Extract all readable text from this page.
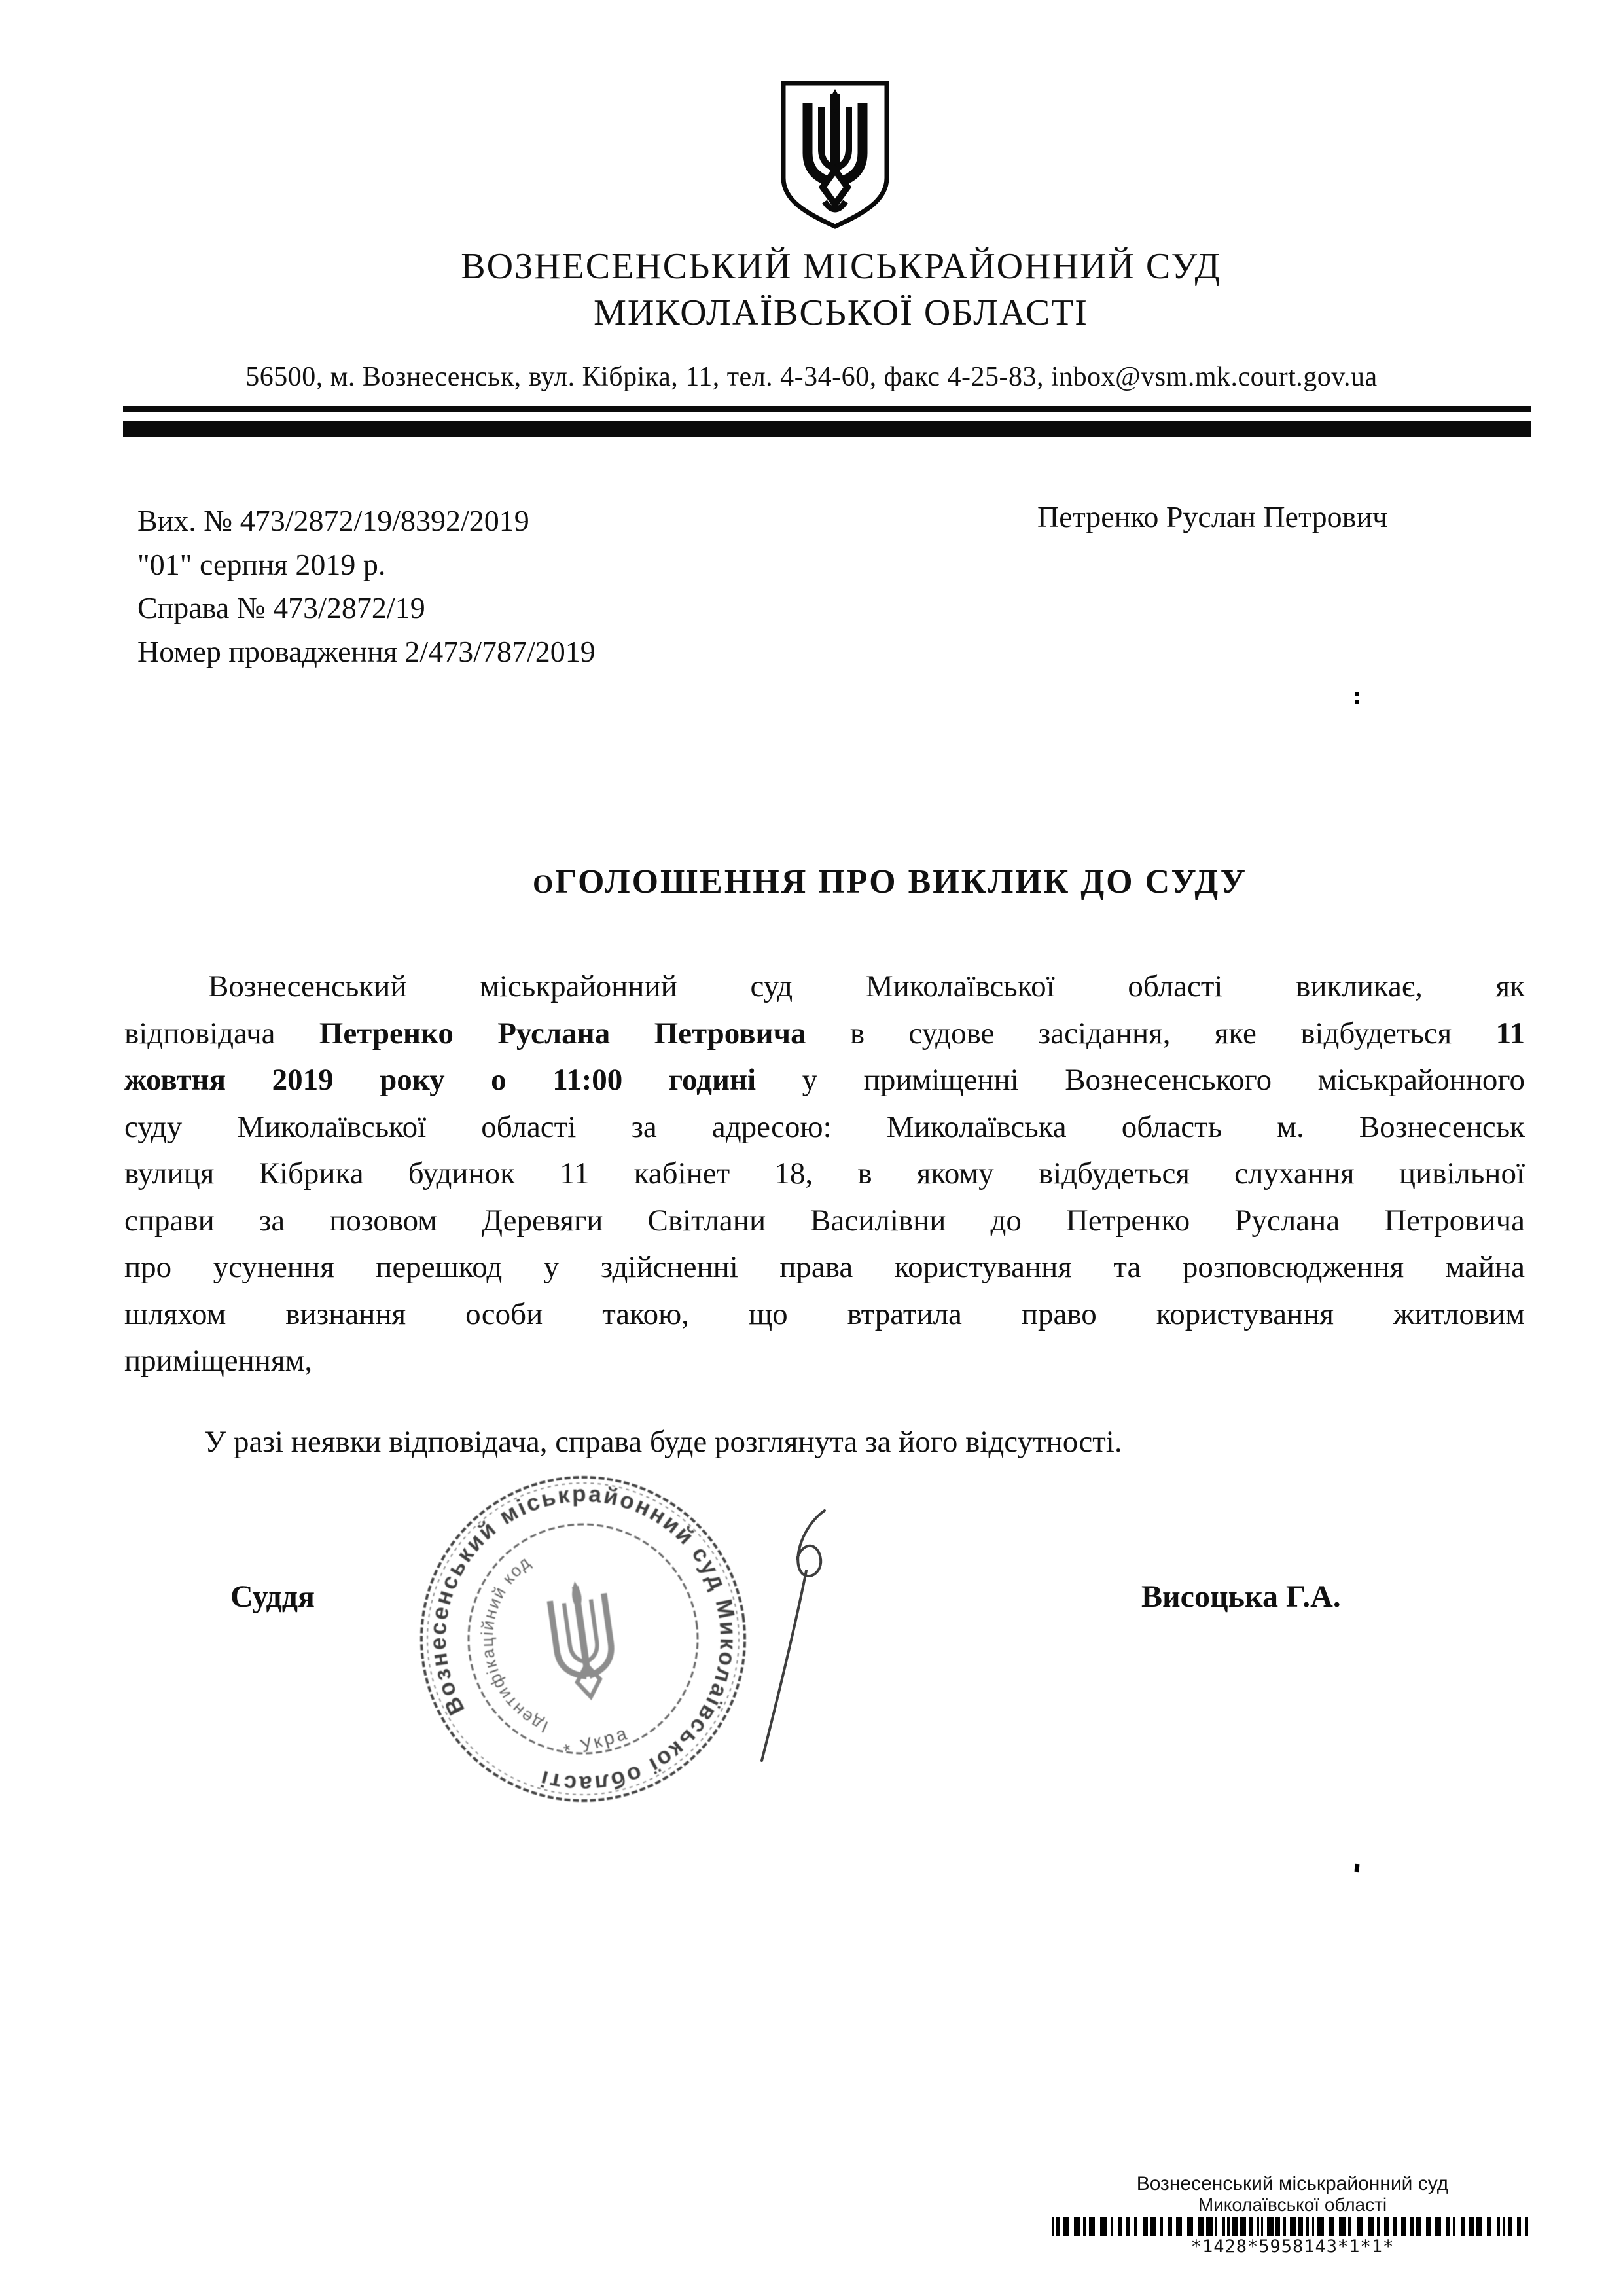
ВОЗНЕСЕНСЬКИЙ МІСЬКРАЙОННИЙ СУД
МИКОЛАЇВСЬКОЇ ОБЛАСТІ
56500, м. Вознесенськ, вул. Кібріка, 11, тел. 4-34-60, факс 4-25-83, inbox@vsm.mk.court.gov.ua
Вих. № 473/2872/19/8392/2019
"01" серпня 2019 р.
Справа № 473/2872/19
Номер провадження 2/473/787/2019
Петренко Руслан Петрович
ОГОЛОШЕННЯ ПРО ВИКЛИК ДО СУДУ
Вознесенський міськрайонний суд Миколаївської області викликає, як
відповідача Петренко Руслана Петровича в судове засідання, яке відбудеться 11
жовтня 2019 року о 11:00 годині у приміщенні Вознесенського міськрайонного
суду Миколаївської області за адресою: Миколаївська область м. Вознесенськ
вулиця Кібрика будинок 11 кабінет 18, в якому відбудеться слухання цивільної
справи за позовом Деревяги Світлани Василівни до Петренко Руслана Петровича
про усунення перешкод у здійсненні права користування та розповсюдження майна
шляхом визнання особи такою, що втратила право користування житловим
приміщенням,
У разі неявки відповідача, справа буде розглянута за його відсутності.
Суддя	Висоцька Г.А.
Вознесенський міськрайонний суд Миколаївської області
Ідентифікаційний код
* Укра
Вознесенський міськрайонний суд
Миколаївської області
*1428*5958143*1*1*
